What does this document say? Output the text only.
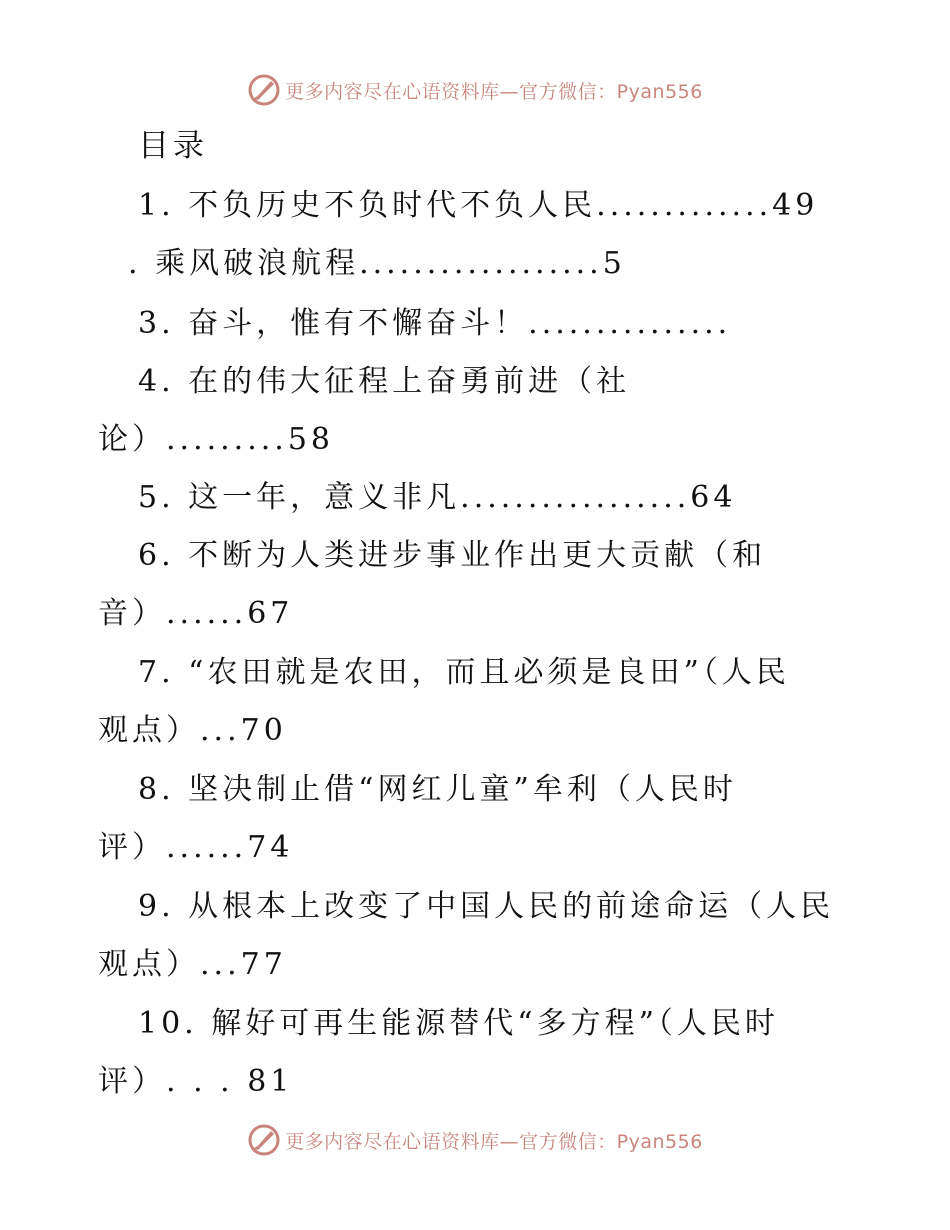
更多内容尽在心语资料库—官方微信：Pyan556
目录
1. 不负历史不负时代不负人民.............49
. 乘风破浪航程..................5
3. 奋斗，惟有不懈奋斗！...............
4. 在的伟大征程上奋勇前进（社
论）.........58
5. 这一年，意义非凡.................64
6. 不断为人类进步事业作出更大贡献（和
音）......67
7. “农田就是农田，而且必须是良田”（人民
观点）...70
8. 坚决制止借“网红儿童”牟利（人民时
评）......74
9. 从根本上改变了中国人民的前途命运（人民
观点）...77
10. 解好可再生能源替代“多方程”（人民时
评）. . . 81
更多内容尽在心语资料库—官方微信：Pyan556
